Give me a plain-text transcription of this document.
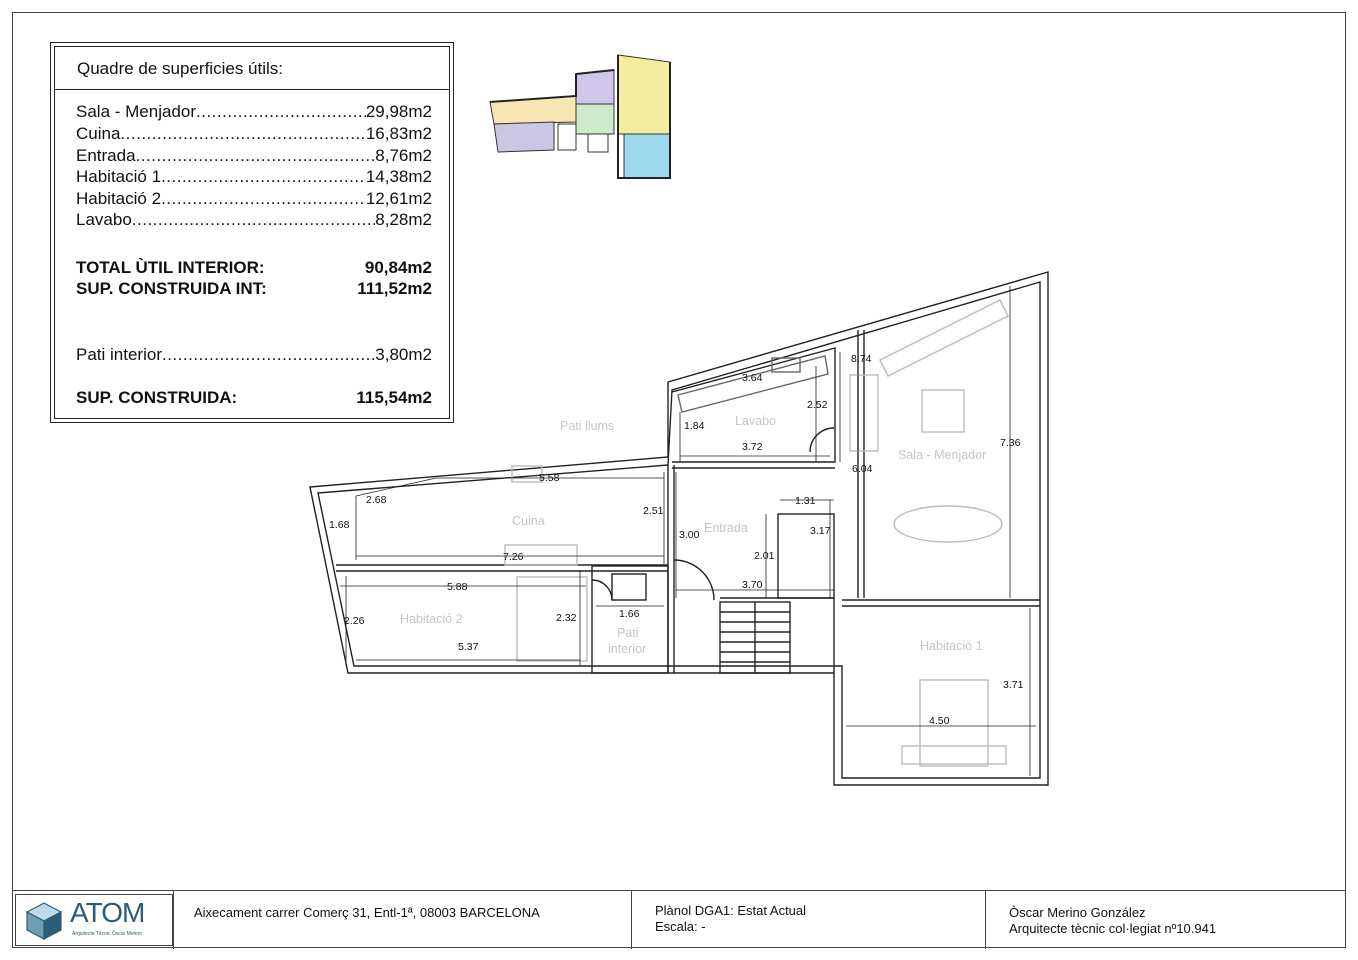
Quadre de superficies útils:
Sala - Menjador .....	29,98m2
Cuina .....	16,83m2
Entrada .....	8,76m2
Habitació 1 .....	14,38m2
Habitació 2 .....	12,61m2
Lavabo .....	8,28m2
TOTAL ÙTIL INTERIOR:	90,84m2
SUP. CONSTRUIDA INT:	111,52m2
Pati interior .....	3,80m2
SUP. CONSTRUIDA:	115,54m2
Pati llums	Lavabo
Sala - Menjador
Cuina	Entrada
Habitació 2
Pati
interior	Habitació 1
8.74
3.64
2.52
1.84
3.72	7.36
6.04
5.58
2.68
1.68
2.51
3.00
1.31
3.17
2.01
7.26
5.88	3.70
2.26	2.32	1.66
5.37
3.71
4.50
ATOM
Arquitecte Tècnic Òscar Merino
Aixecament carrer Comerç 31, Entl-1ª, 08003 BARCELONA	Plànol DGA1: Estat Actual
Escala: -
Òscar Merino González
Arquitecte tècnic col·legiat nº10.941
